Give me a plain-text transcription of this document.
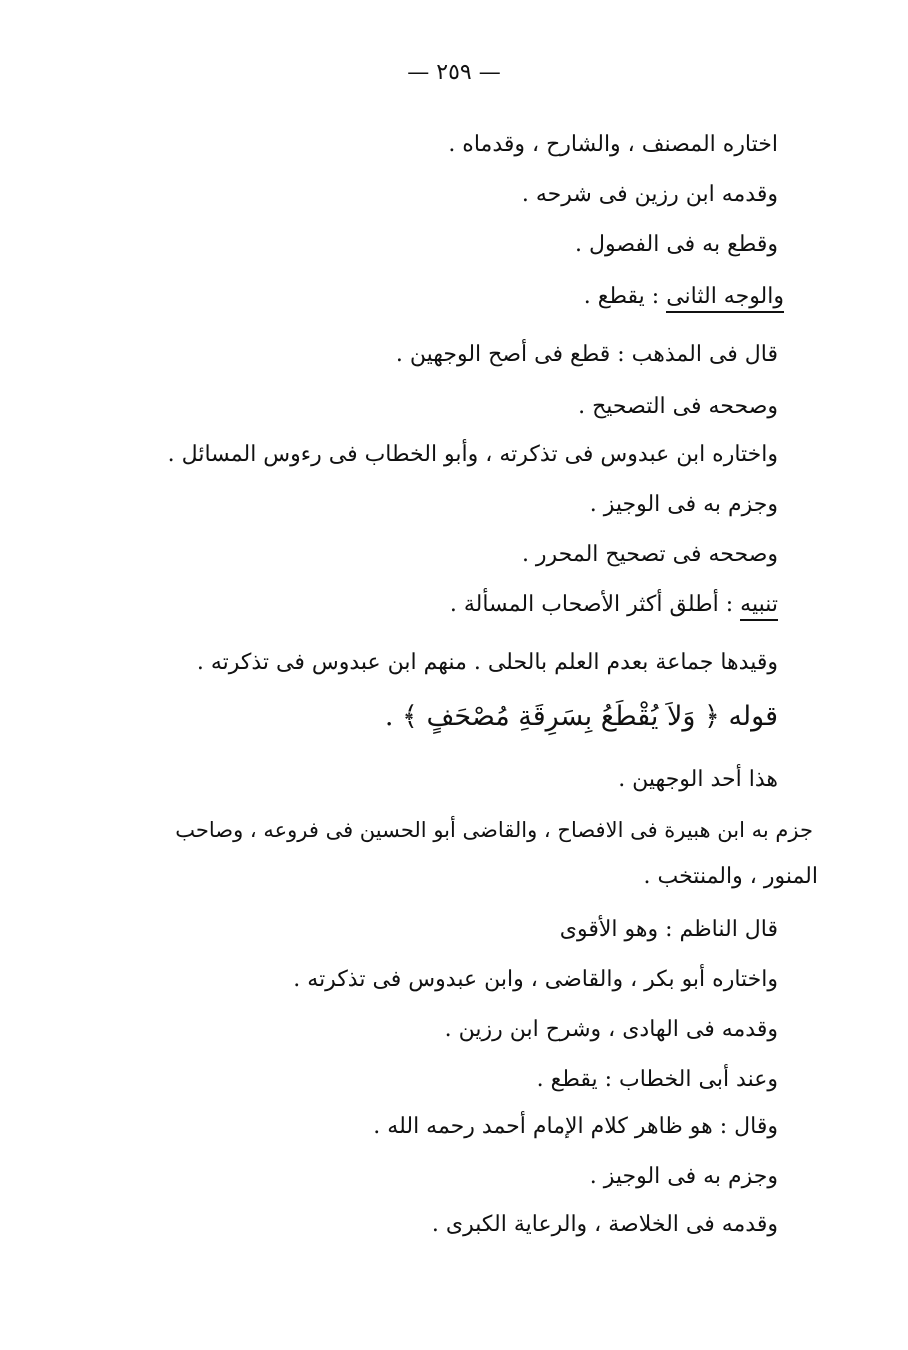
— ٢٥٩ —
اختاره المصنف ، والشارح ، وقدماه .
وقدمه ابن رزين فى شرحه .
وقطع به فى الفصول .
والوجه الثانى : يقطع .
قال فى المذهب : قطع فى أصح الوجهين .
وصححه فى التصحيح .
واختاره ابن عبدوس فى تذكرته ، وأبو الخطاب فى رءوس المسائل .
وجزم به فى الوجيز .
وصححه فى تصحيح المحرر .
تنبيه : أطلق أكثر الأصحاب المسألة .
وقيدها جماعة بعدم العلم بالحلى . منهم ابن عبدوس فى تذكرته .
قوله ﴿ وَلاَ يُقْطَعُ بِسَرِقَةِ مُصْحَفٍ ﴾ .
هذا أحد الوجهين .
جزم به ابن هبيرة فى الافصاح ، والقاضى أبو الحسين فى فروعه ، وصاحب
المنور ، والمنتخب .
قال الناظم : وهو الأقوى
واختاره أبو بكر ، والقاضى ، وابن عبدوس فى تذكرته .
وقدمه فى الهادى ، وشرح ابن رزين .
وعند أبى الخطاب : يقطع .
وقال : هو ظاهر كلام الإمام أحمد رحمه الله .
وجزم به فى الوجيز .
وقدمه فى الخلاصة ، والرعاية الكبرى .
